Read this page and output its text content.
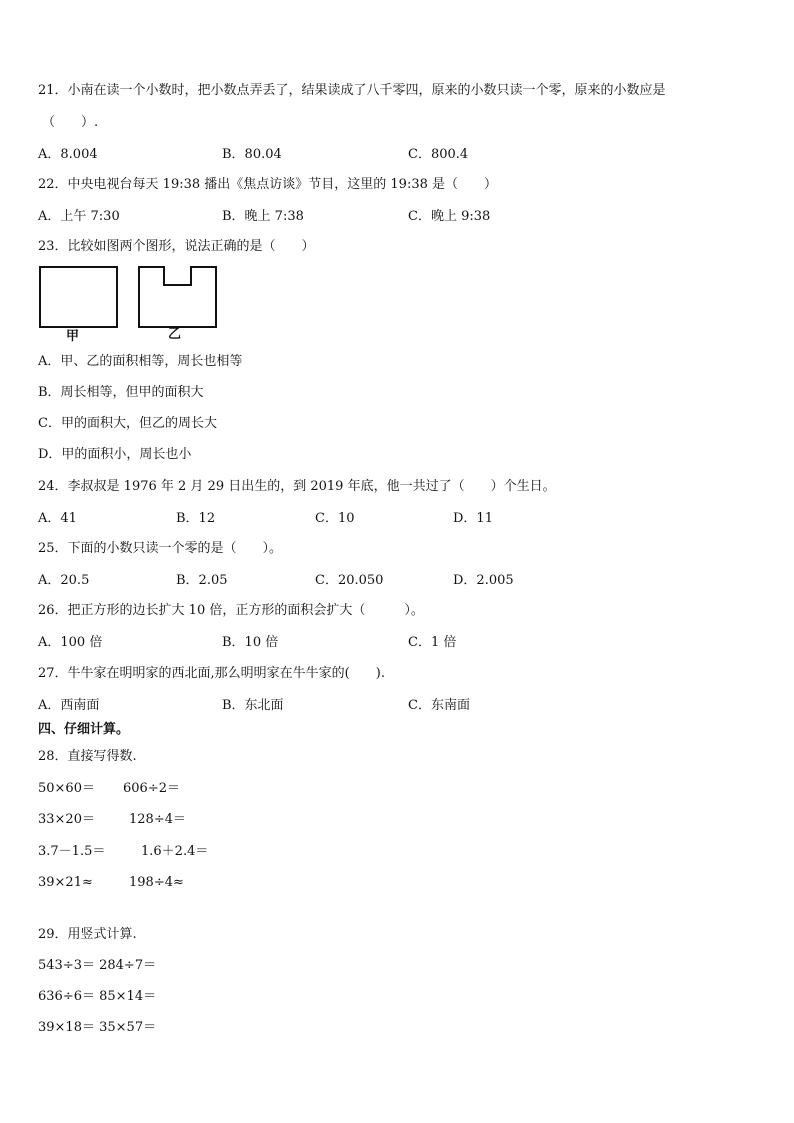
21．小南在读一个小数时，把小数点弄丢了，结果读成了八千零四，原来的小数只读一个零，原来的小数应是
（　　）.
A．8.004	B．80.04	C．800.4
22．中央电视台每天 19:38 播出《焦点访谈》节目，这里的 19:38 是（　　）
A．上午 7:30	B．晚上 7:38	C．晚上 9:38
23．比较如图两个图形，说法正确的是（　　）
甲	乙
A．甲、乙的面积相等，周长也相等
B．周长相等，但甲的面积大
C．甲的面积大，但乙的周长大
D．甲的面积小，周长也小
24．李叔叔是 1976 年 2 月 29 日出生的，到 2019 年底，他一共过了（　　）个生日。
A．41	B．12	C．10	D．11
25．下面的小数只读一个零的是（　　）。
A．20.5	B．2.05	C．20.050	D．2.005
26．把正方形的边长扩大 10 倍，正方形的面积会扩大（　　　）。
A．100 倍	B．10 倍	C．1 倍
27．牛牛家在明明家的西北面,那么明明家在牛牛家的(　　).
A．西南面	B．东北面	C．东南面
四、仔细计算。
28．直接写得数.
50×60＝ 606÷2＝
33×20＝	128÷4＝
3.7－1.5＝	1.6＋2.4＝
39×21≈	198÷4≈
29．用竖式计算.
543÷3＝ 284÷7＝
636÷6＝ 85×14＝
39×18＝ 35×57＝
